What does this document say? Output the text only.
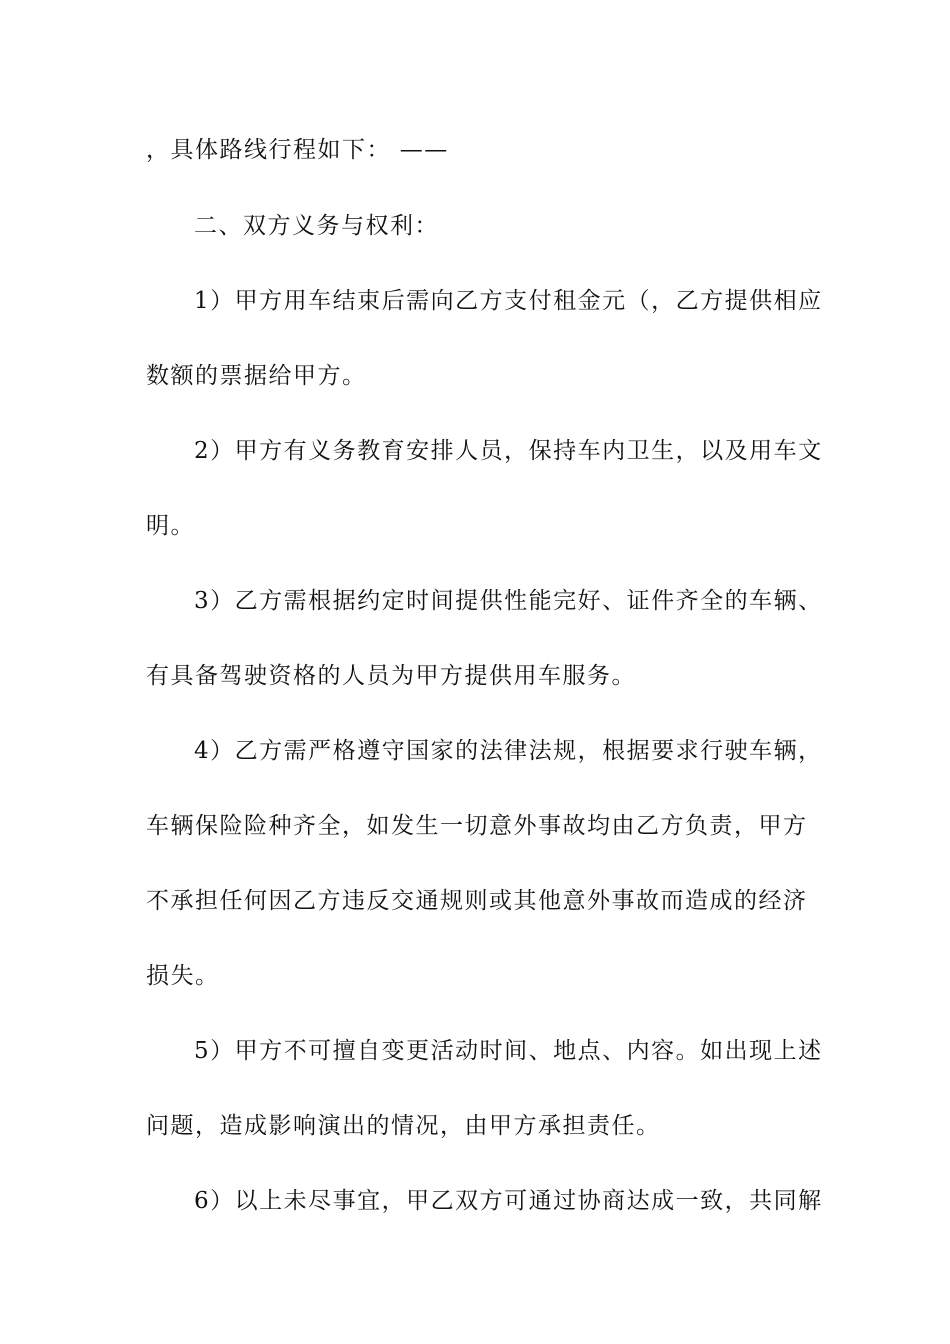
，具体路线行程如下： ——
二、双方义务与权利：
1）甲方用车结束后需向乙方支付租金元（，乙方提供相应
数额的票据给甲方。
2）甲方有义务教育安排人员，保持车内卫生，以及用车文
明。
3）乙方需根据约定时间提供性能完好、证件齐全的车辆、
有具备驾驶资格的人员为甲方提供用车服务。
4）乙方需严格遵守国家的法律法规，根据要求行驶车辆，
车辆保险险种齐全，如发生一切意外事故均由乙方负责，甲方
不承担任何因乙方违反交通规则或其他意外事故而造成的经济
损失。
5）甲方不可擅自变更活动时间、地点、内容。如出现上述
问题，造成影响演出的情况，由甲方承担责任。
6）以上未尽事宜，甲乙双方可通过协商达成一致，共同解
